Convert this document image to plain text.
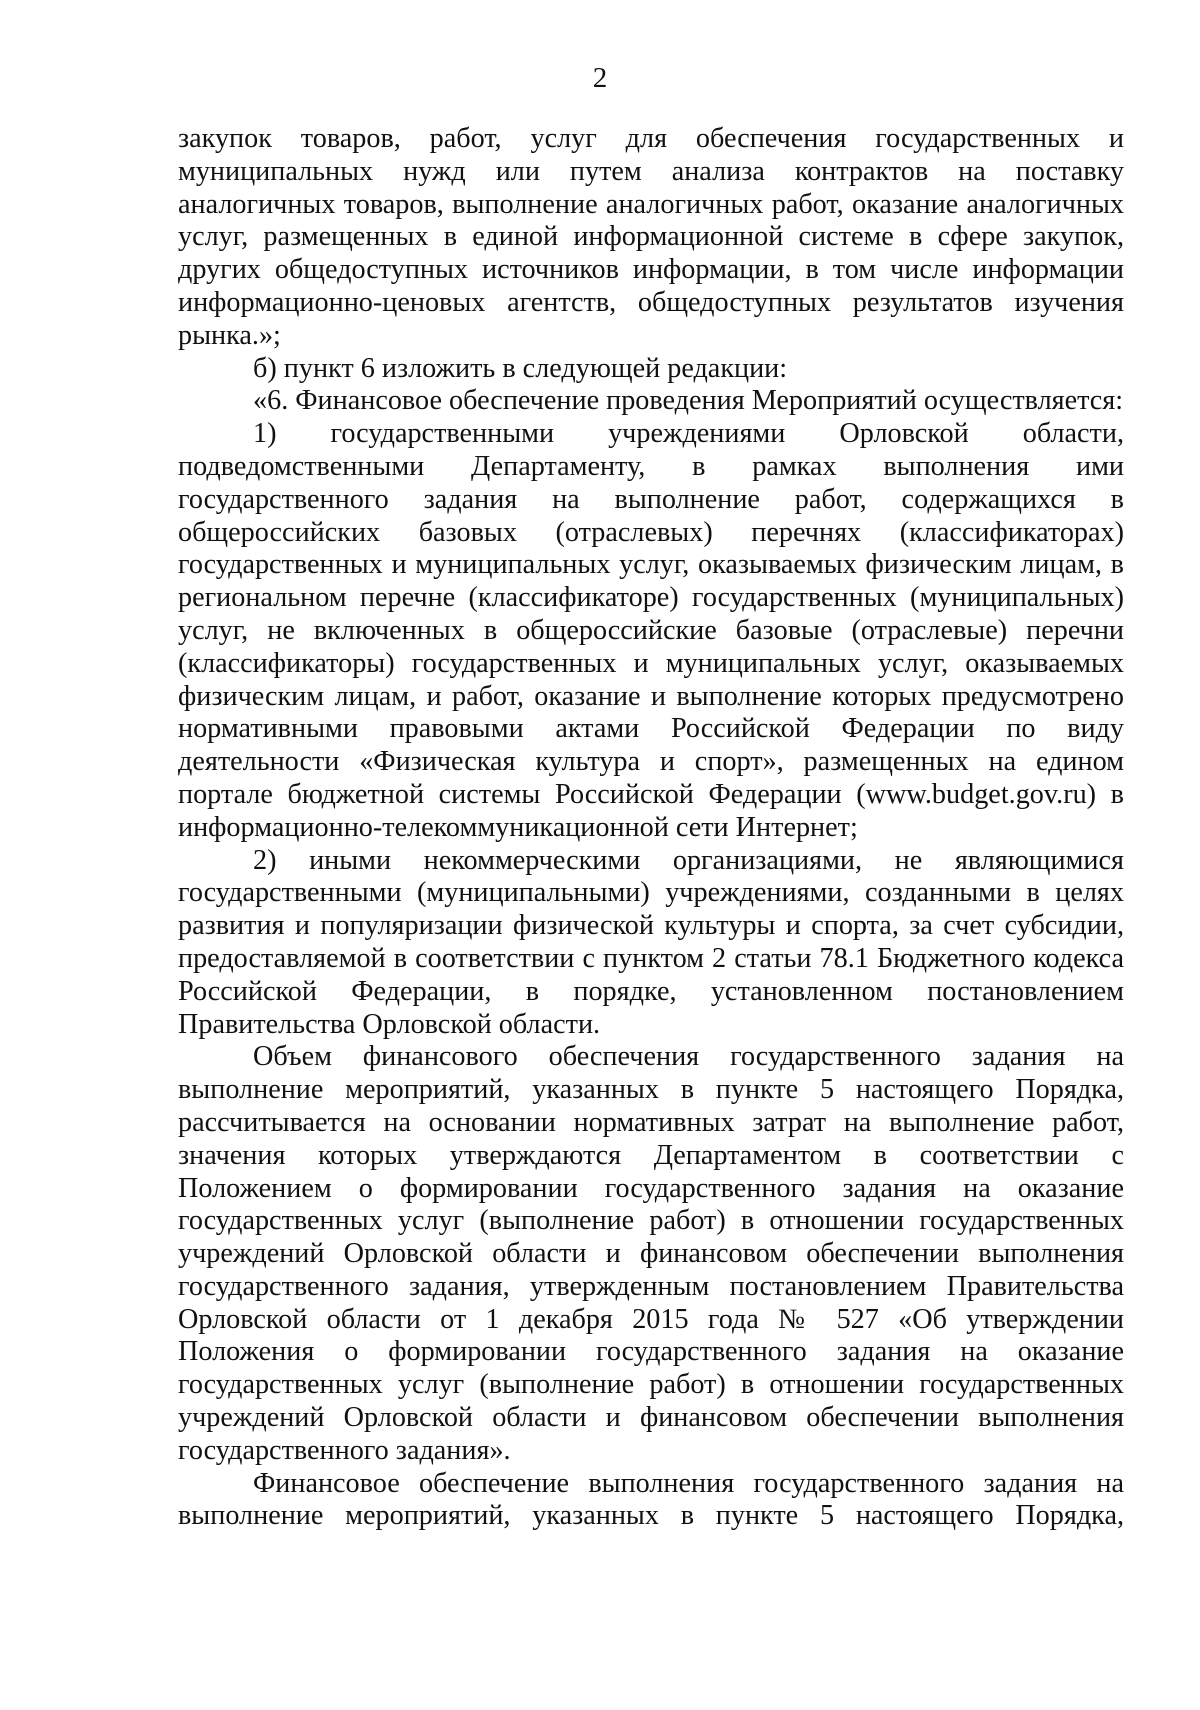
2

закупок товаров, работ, услуг для обеспечения государственных и муниципальных нужд или путем анализа контрактов на поставку аналогичных товаров, выполнение аналогичных работ, оказание аналогичных услуг, размещенных в единой информационной системе в сфере закупок, других общедоступных источников информации, в том числе информации информационно-ценовых агентств, общедоступных результатов изучения рынка.»;

б) пункт 6 изложить в следующей редакции:

«6. Финансовое обеспечение проведения Мероприятий осуществляется:

1) государственными учреждениями Орловской области, подведомственными Департаменту, в рамках выполнения ими государственного задания на выполнение работ, содержащихся в общероссийских базовых (отраслевых) перечнях (классификаторах) государственных и муниципальных услуг, оказываемых физическим лицам, в региональном перечне (классификаторе) государственных (муниципальных) услуг, не включенных в общероссийские базовые (отраслевые) перечни (классификаторы) государственных и муниципальных услуг, оказываемых физическим лицам, и работ, оказание и выполнение которых предусмотрено нормативными правовыми актами Российской Федерации по виду деятельности «Физическая культура и спорт», размещенных на едином портале бюджетной системы Российской Федерации (www.budget.gov.ru) в информационно-телекоммуникационной сети Интернет;

2) иными некоммерческими организациями, не являющимися государственными (муниципальными) учреждениями, созданными в целях развития и популяризации физической культуры и спорта, за счет субсидии, предоставляемой в соответствии с пунктом 2 статьи 78.1 Бюджетного кодекса Российской Федерации, в порядке, установленном постановлением Правительства Орловской области.

Объем финансового обеспечения государственного задания на выполнение мероприятий, указанных в пункте 5 настоящего Порядка, рассчитывается на основании нормативных затрат на выполнение работ, значения которых утверждаются Департаментом в соответствии с Положением о формировании государственного задания на оказание государственных услуг (выполнение работ) в отношении государственных учреждений Орловской области и финансовом обеспечении выполнения государственного задания, утвержденным постановлением Правительства Орловской области от 1 декабря 2015 года № 527 «Об утверждении Положения о формировании государственного задания на оказание государственных услуг (выполнение работ) в отношении государственных учреждений Орловской области и финансовом обеспечении выполнения государственного задания».

Финансовое обеспечение выполнения государственного задания на выполнение мероприятий, указанных в пункте 5 настоящего Порядка,
